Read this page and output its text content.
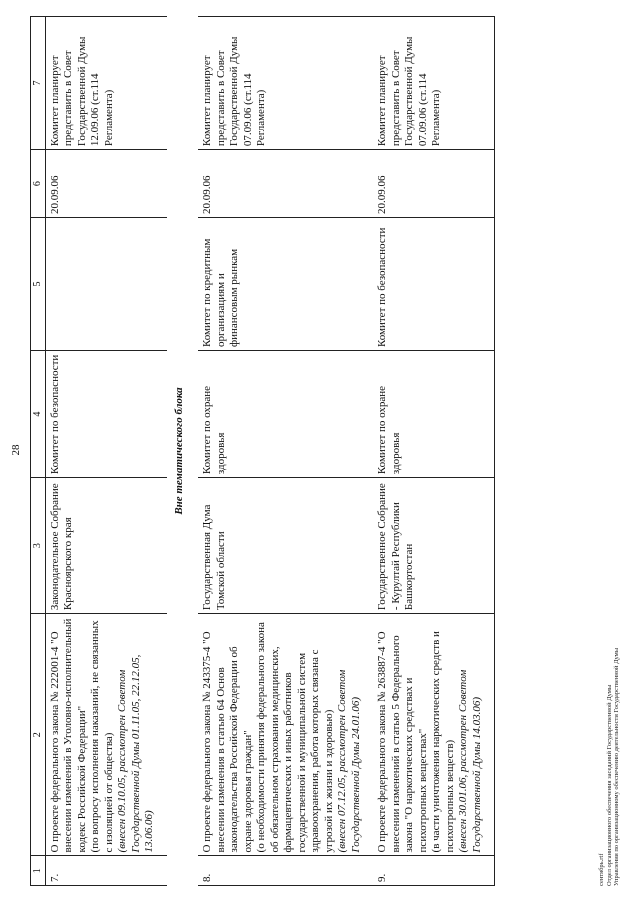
28
1	2	3	4	5	6	7
7.	О проекте федерального закона № 222001-4 "О внесении изменений в Уголовно-исполнительный кодекс Российской Федерации" (по вопросу исполнения наказаний, не связанных с изоляцией от общества) (внесен 09.10.05, рассмотрен Советом Государственной Думы 01.11.05, 22.12.05, 13.06.06)	Законодательное Собрание Красноярского края	Комитет по безопасности		20.09.06	Комитет планирует представить в Совет Государственной Думы 12.09.06 (ст.114 Регламента)
Вне тематического блока						
8.	О проекте федерального закона № 243375-4 "О внесении изменения в статью 64 Основ законодательства Российской Федерации об охране здоровья граждан" (о необходимости принятия федерального закона об обязательном страховании медицинских, фармацевтических и иных работников государственной и муниципальной систем здравоохранения, работа которых связана с угрозой их жизни и здоровью) (внесен 07.12.05, рассмотрен Советом Государственной Думы 24.01.06)	Государственная Дума Томской области	Комитет по охране здоровья	Комитет по кредитным организациям и финансовым рынкам	20.09.06	Комитет планирует представить в Совет Государственной Думы 07.09.06 (ст.114 Регламента)
9.	О проекте федерального закона № 263887-4 "О внесении изменений в статью 5 Федерального закона "О наркотических средствах и психотропных веществах" (в части уничтожения наркотических средств и психотропных веществ) (внесен 30.01.06, рассмотрен Советом Государственной Думы 14.03.06)	Государственное Собрание - Курултай Республики Башкортостан	Комитет по охране здоровья	Комитет по безопасности	20.09.06	Комитет планирует представить в Совет Государственной Думы 07.09.06 (ст.114 Регламента)
сентябрь.rtf Отдел организационного обеспечения заседаний Государственной Думы Управления по организационному обеспечению деятельности Государственной Думы
